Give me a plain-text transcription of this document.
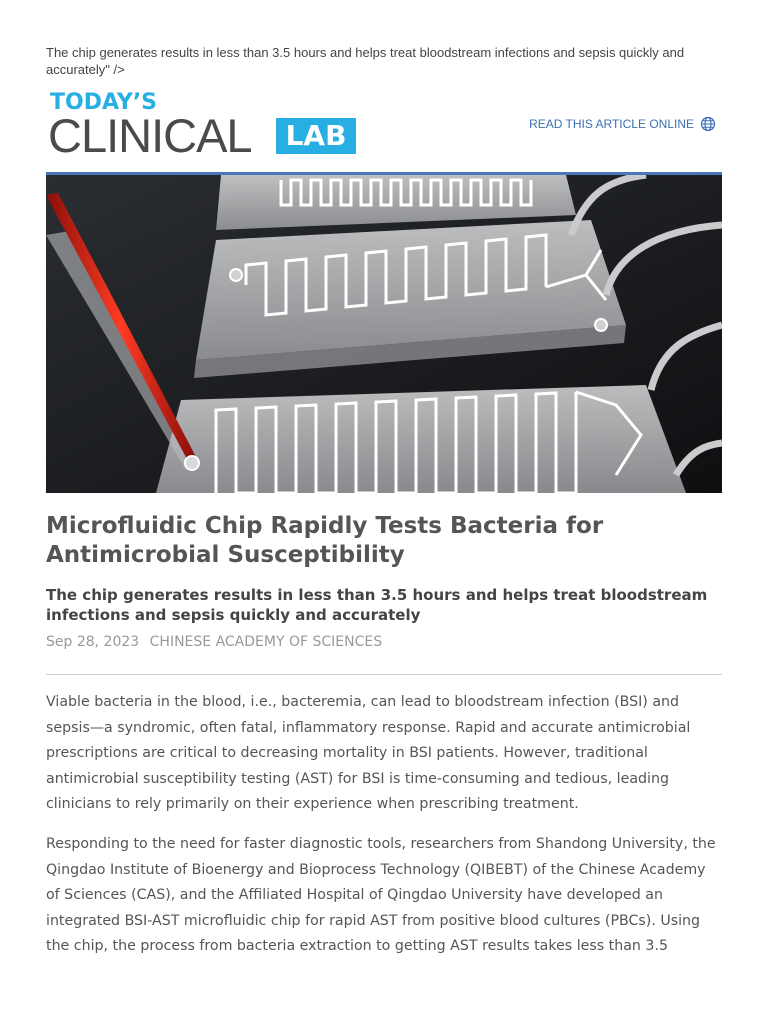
The chip generates results in less than 3.5 hours and helps treat bloodstream infections and sepsis quickly and accurately" />
TODAY’S
CLINICAL	LAB	READ THIS ARTICLE ONLINE
Microfluidic Chip Rapidly Tests Bacteria for Antimicrobial Susceptibility
The chip generates results in less than 3.5 hours and helps treat bloodstream infections and sepsis quickly and accurately
Sep 28, 2023 CHINESE ACADEMY OF SCIENCES

Viable bacteria in the blood, i.e., bacteremia, can lead to bloodstream infection (BSI) and sepsis—a syndromic, often fatal, inflammatory response. Rapid and accurate antimicrobial prescriptions are critical to decreasing mortality in BSI patients. However, traditional antimicrobial susceptibility testing (AST) for BSI is time-consuming and tedious, leading clinicians to rely primarily on their experience when prescribing treatment.

Responding to the need for faster diagnostic tools, researchers from Shandong University, the Qingdao Institute of Bioenergy and Bioprocess Technology (QIBEBT) of the Chinese Academy of Sciences (CAS), and the Affiliated Hospital of Qingdao University have developed an integrated BSI-AST microfluidic chip for rapid AST from positive blood cultures (PBCs). Using the chip, the process from bacteria extraction to getting AST results takes less than 3.5
